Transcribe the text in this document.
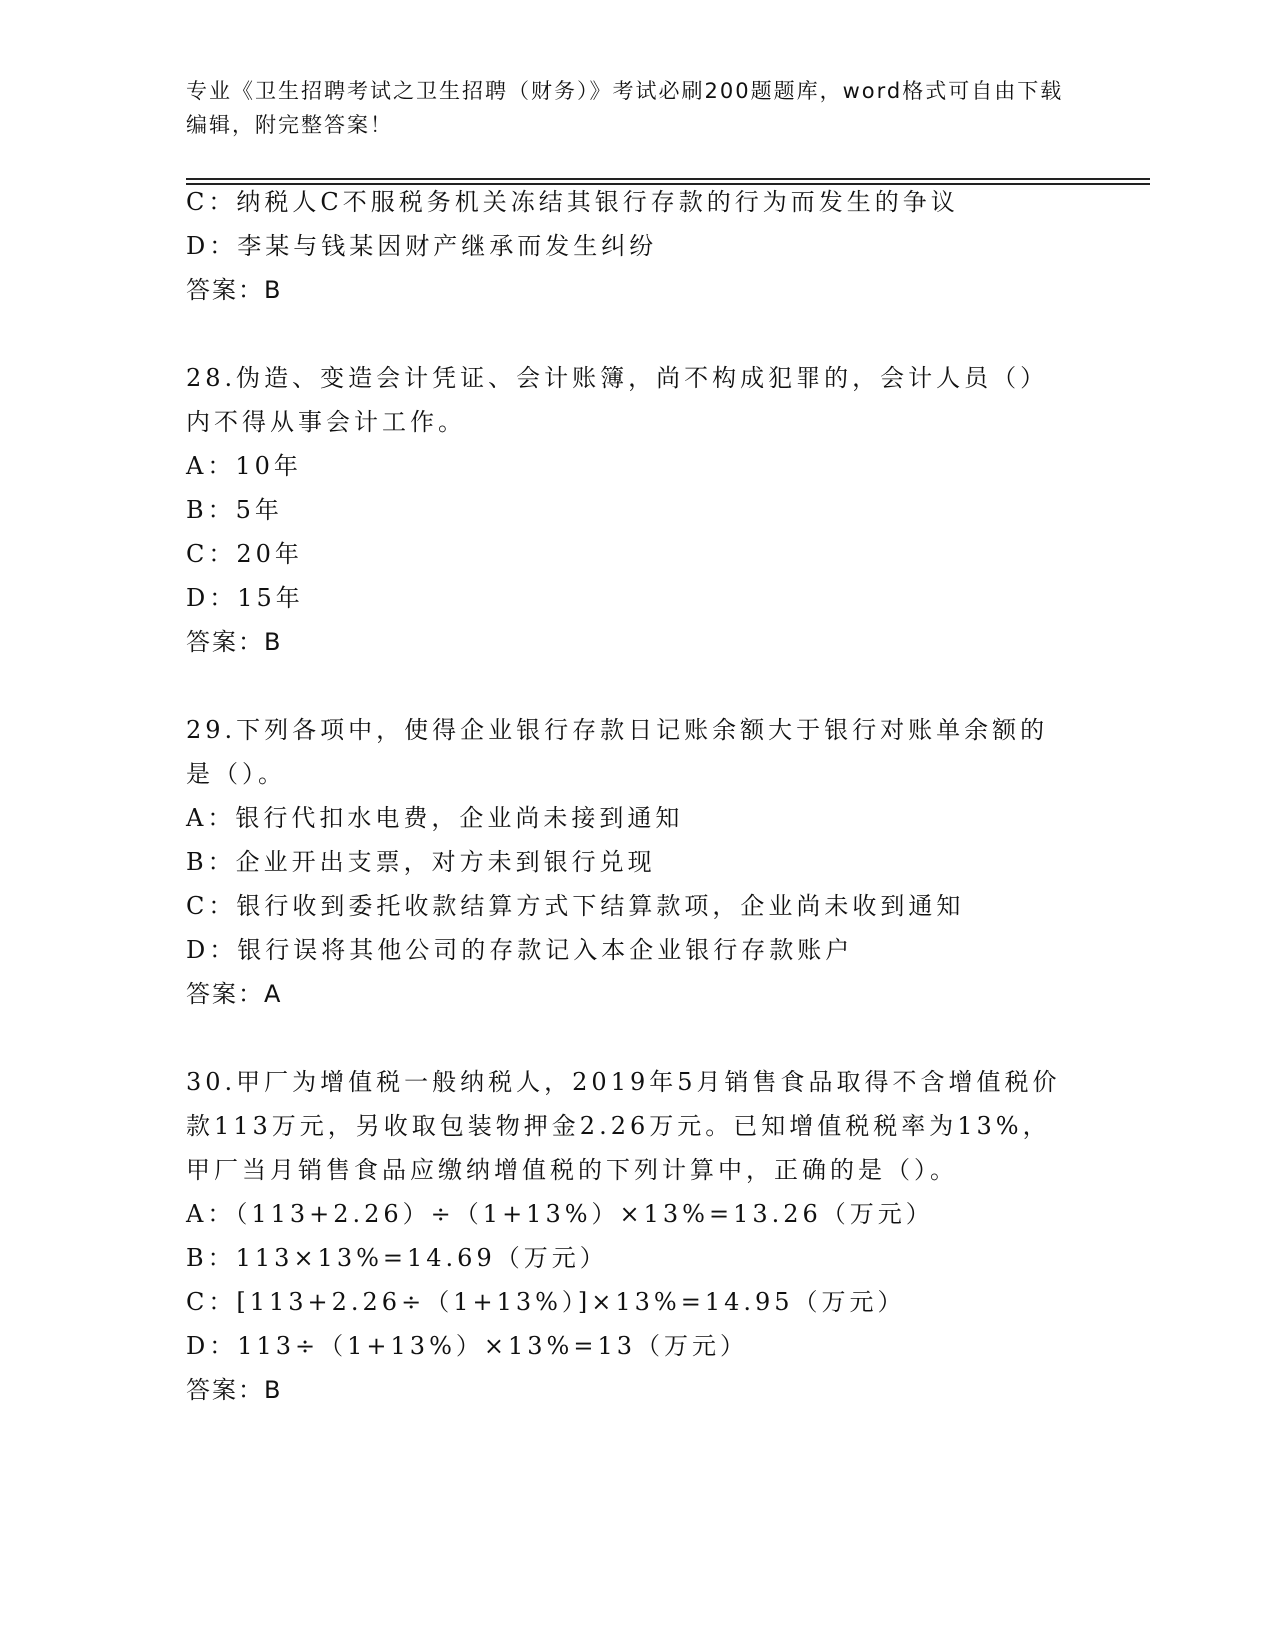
专业《卫生招聘考试之卫生招聘（财务）》考试必刷200题题库，word格式可自由下载编辑，附完整答案！
C：纳税人C不服税务机关冻结其银行存款的行为而发生的争议
D：李某与钱某因财产继承而发生纠纷
答案：B
28.伪造、变造会计凭证、会计账簿，尚不构成犯罪的，会计人员（）
内不得从事会计工作。
A：10年
B：5年
C：20年
D：15年
答案：B
29.下列各项中，使得企业银行存款日记账余额大于银行对账单余额的
是（）。
A：银行代扣水电费，企业尚未接到通知
B：企业开出支票，对方未到银行兑现
C：银行收到委托收款结算方式下结算款项，企业尚未收到通知
D：银行误将其他公司的存款记入本企业银行存款账户
答案：A
30.甲厂为增值税一般纳税人，2019年5月销售食品取得不含增值税价
款113万元，另收取包装物押金2.26万元。已知增值税税率为13%，
甲厂当月销售食品应缴纳增值税的下列计算中，正确的是（）。
A：（113+2.26）÷（1+13%）×13%=13.26（万元）
B：113×13%=14.69（万元）
C：[113+2.26÷（1+13%）]×13%=14.95（万元）
D：113÷（1+13%）×13%=13（万元）
答案：B
